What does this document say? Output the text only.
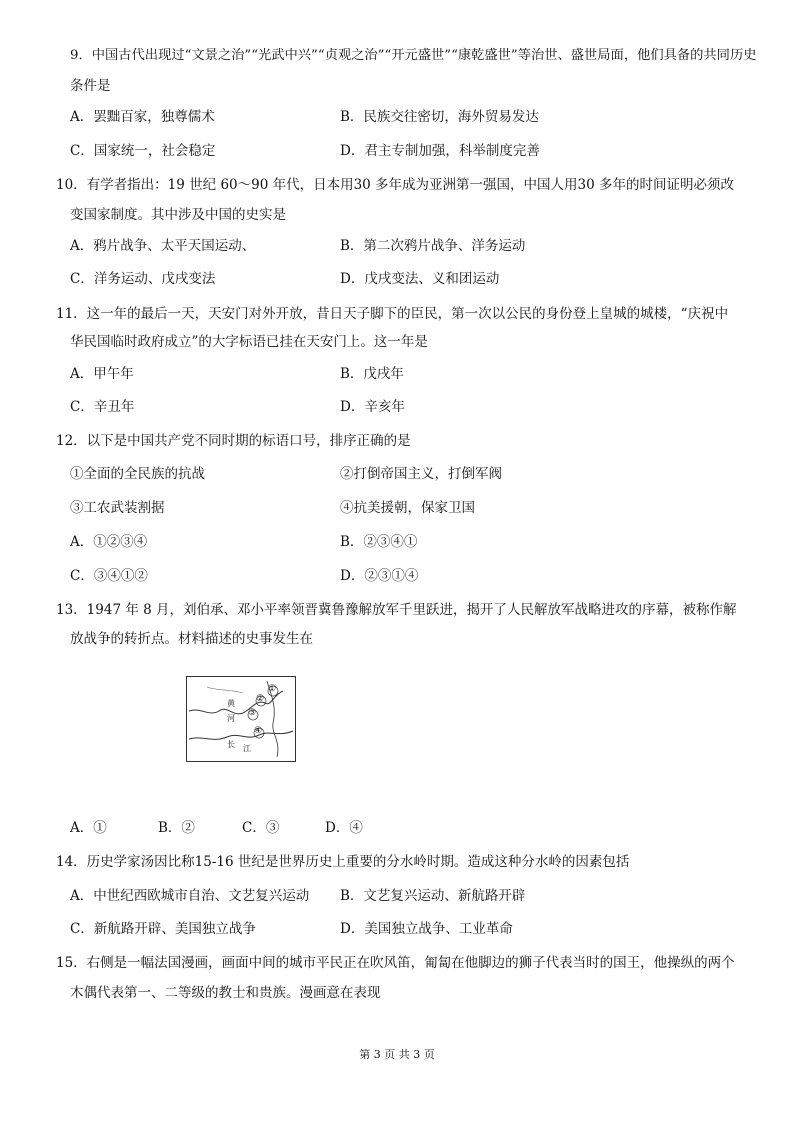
9．中国古代出现过“文景之治”“光武中兴”“贞观之治”“开元盛世”“康乾盛世”等治世、盛世局面，他们具备的共同历史
条件是
A．罢黜百家，独尊儒术	B．民族交往密切，海外贸易发达
C．国家统一，社会稳定	D．君主专制加强，科举制度完善
10．有学者指出：19 世纪 60～90 年代，日本用30 多年成为亚洲第一强国，中国人用30 多年的时间证明必须改
变国家制度。其中涉及中国的史实是
A．鸦片战争、太平天国运动、	B．第二次鸦片战争、洋务运动
C．洋务运动、戊戌变法	D．戊戌变法、义和团运动
11．这一年的最后一天，天安门对外开放，昔日天子脚下的臣民，第一次以公民的身份登上皇城的城楼，“庆祝中
华民国临时政府成立”的大字标语已挂在天安门上。这一年是
A．甲午年	B．戊戌年
C．辛丑年	D．辛亥年
12．以下是中国共产党不同时期的标语口号，排序正确的是
①全面的全民族的抗战	②打倒帝国主义，打倒军阀
③工农武装割据	④抗美援朝，保家卫国
A．①②③④	B．②③④①
C．③④①②	D．②③①④
13．1947 年 8 月，刘伯承、邓小平率领晋冀鲁豫解放军千里跃进，揭开了人民解放军战略进攻的序幕，被称作解
放战争的转折点。材料描述的史事发生在
①
②
③
④
黄
河
长 江
A．①	B．②	C．③	D．④
14．历史学家汤因比称15-16 世纪是世界历史上重要的分水岭时期。造成这种分水岭的因素包括
A．中世纪西欧城市自治、文艺复兴运动 B．文艺复兴运动、新航路开辟
C．新航路开辟、美国独立战争	D．美国独立战争、工业革命
15．右侧是一幅法国漫画，画面中间的城市平民正在吹风笛，匍匐在他脚边的狮子代表当时的国王，他操纵的两个
木偶代表第一、二等级的教士和贵族。漫画意在表现
第 3 页 共 3 页
